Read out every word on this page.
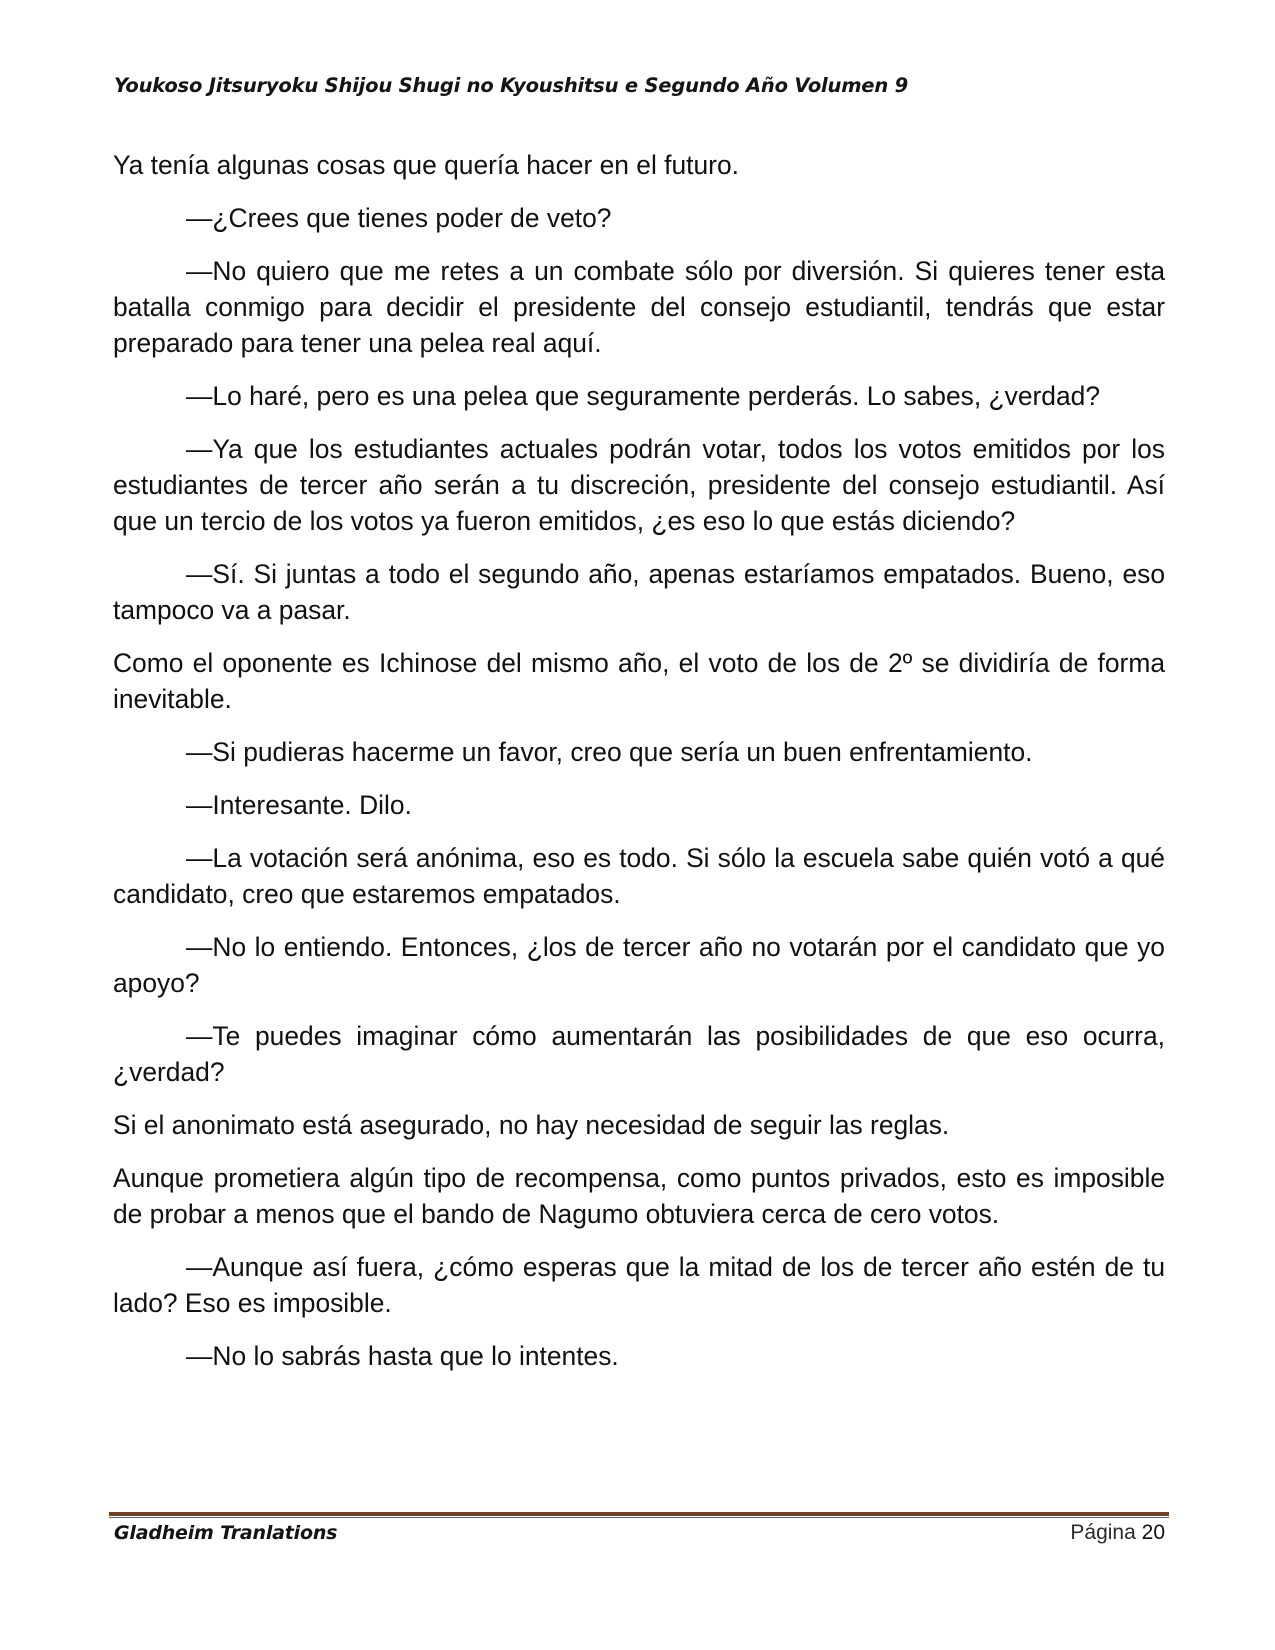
Youkoso Jitsuryoku Shijou Shugi no Kyoushitsu e Segundo Año Volumen 9

Ya tenía algunas cosas que quería hacer en el futuro.

—¿Crees que tienes poder de veto?

—No quiero que me retes a un combate sólo por diversión. Si quieres tener esta batalla conmigo para decidir el presidente del consejo estudiantil, tendrás que estar preparado para tener una pelea real aquí.

—Lo haré, pero es una pelea que seguramente perderás. Lo sabes, ¿verdad?

—Ya que los estudiantes actuales podrán votar, todos los votos emitidos por los estudiantes de tercer año serán a tu discreción, presidente del consejo estudiantil. Así que un tercio de los votos ya fueron emitidos, ¿es eso lo que estás diciendo?

—Sí. Si juntas a todo el segundo año, apenas estaríamos empatados. Bueno, eso tampoco va a pasar.

Como el oponente es Ichinose del mismo año, el voto de los de 2º se dividiría de forma inevitable.

—Si pudieras hacerme un favor, creo que sería un buen enfrentamiento.

—Interesante. Dilo.

—La votación será anónima, eso es todo. Si sólo la escuela sabe quién votó a qué candidato, creo que estaremos empatados.

—No lo entiendo. Entonces, ¿los de tercer año no votarán por el candidato que yo apoyo?

—Te puedes imaginar cómo aumentarán las posibilidades de que eso ocurra, ¿verdad?

Si el anonimato está asegurado, no hay necesidad de seguir las reglas.

Aunque prometiera algún tipo de recompensa, como puntos privados, esto es imposible de probar a menos que el bando de Nagumo obtuviera cerca de cero votos.

—Aunque así fuera, ¿cómo esperas que la mitad de los de tercer año estén de tu lado? Eso es imposible.

—No lo sabrás hasta que lo intentes.

Gladheim Tranlations	Página 20
